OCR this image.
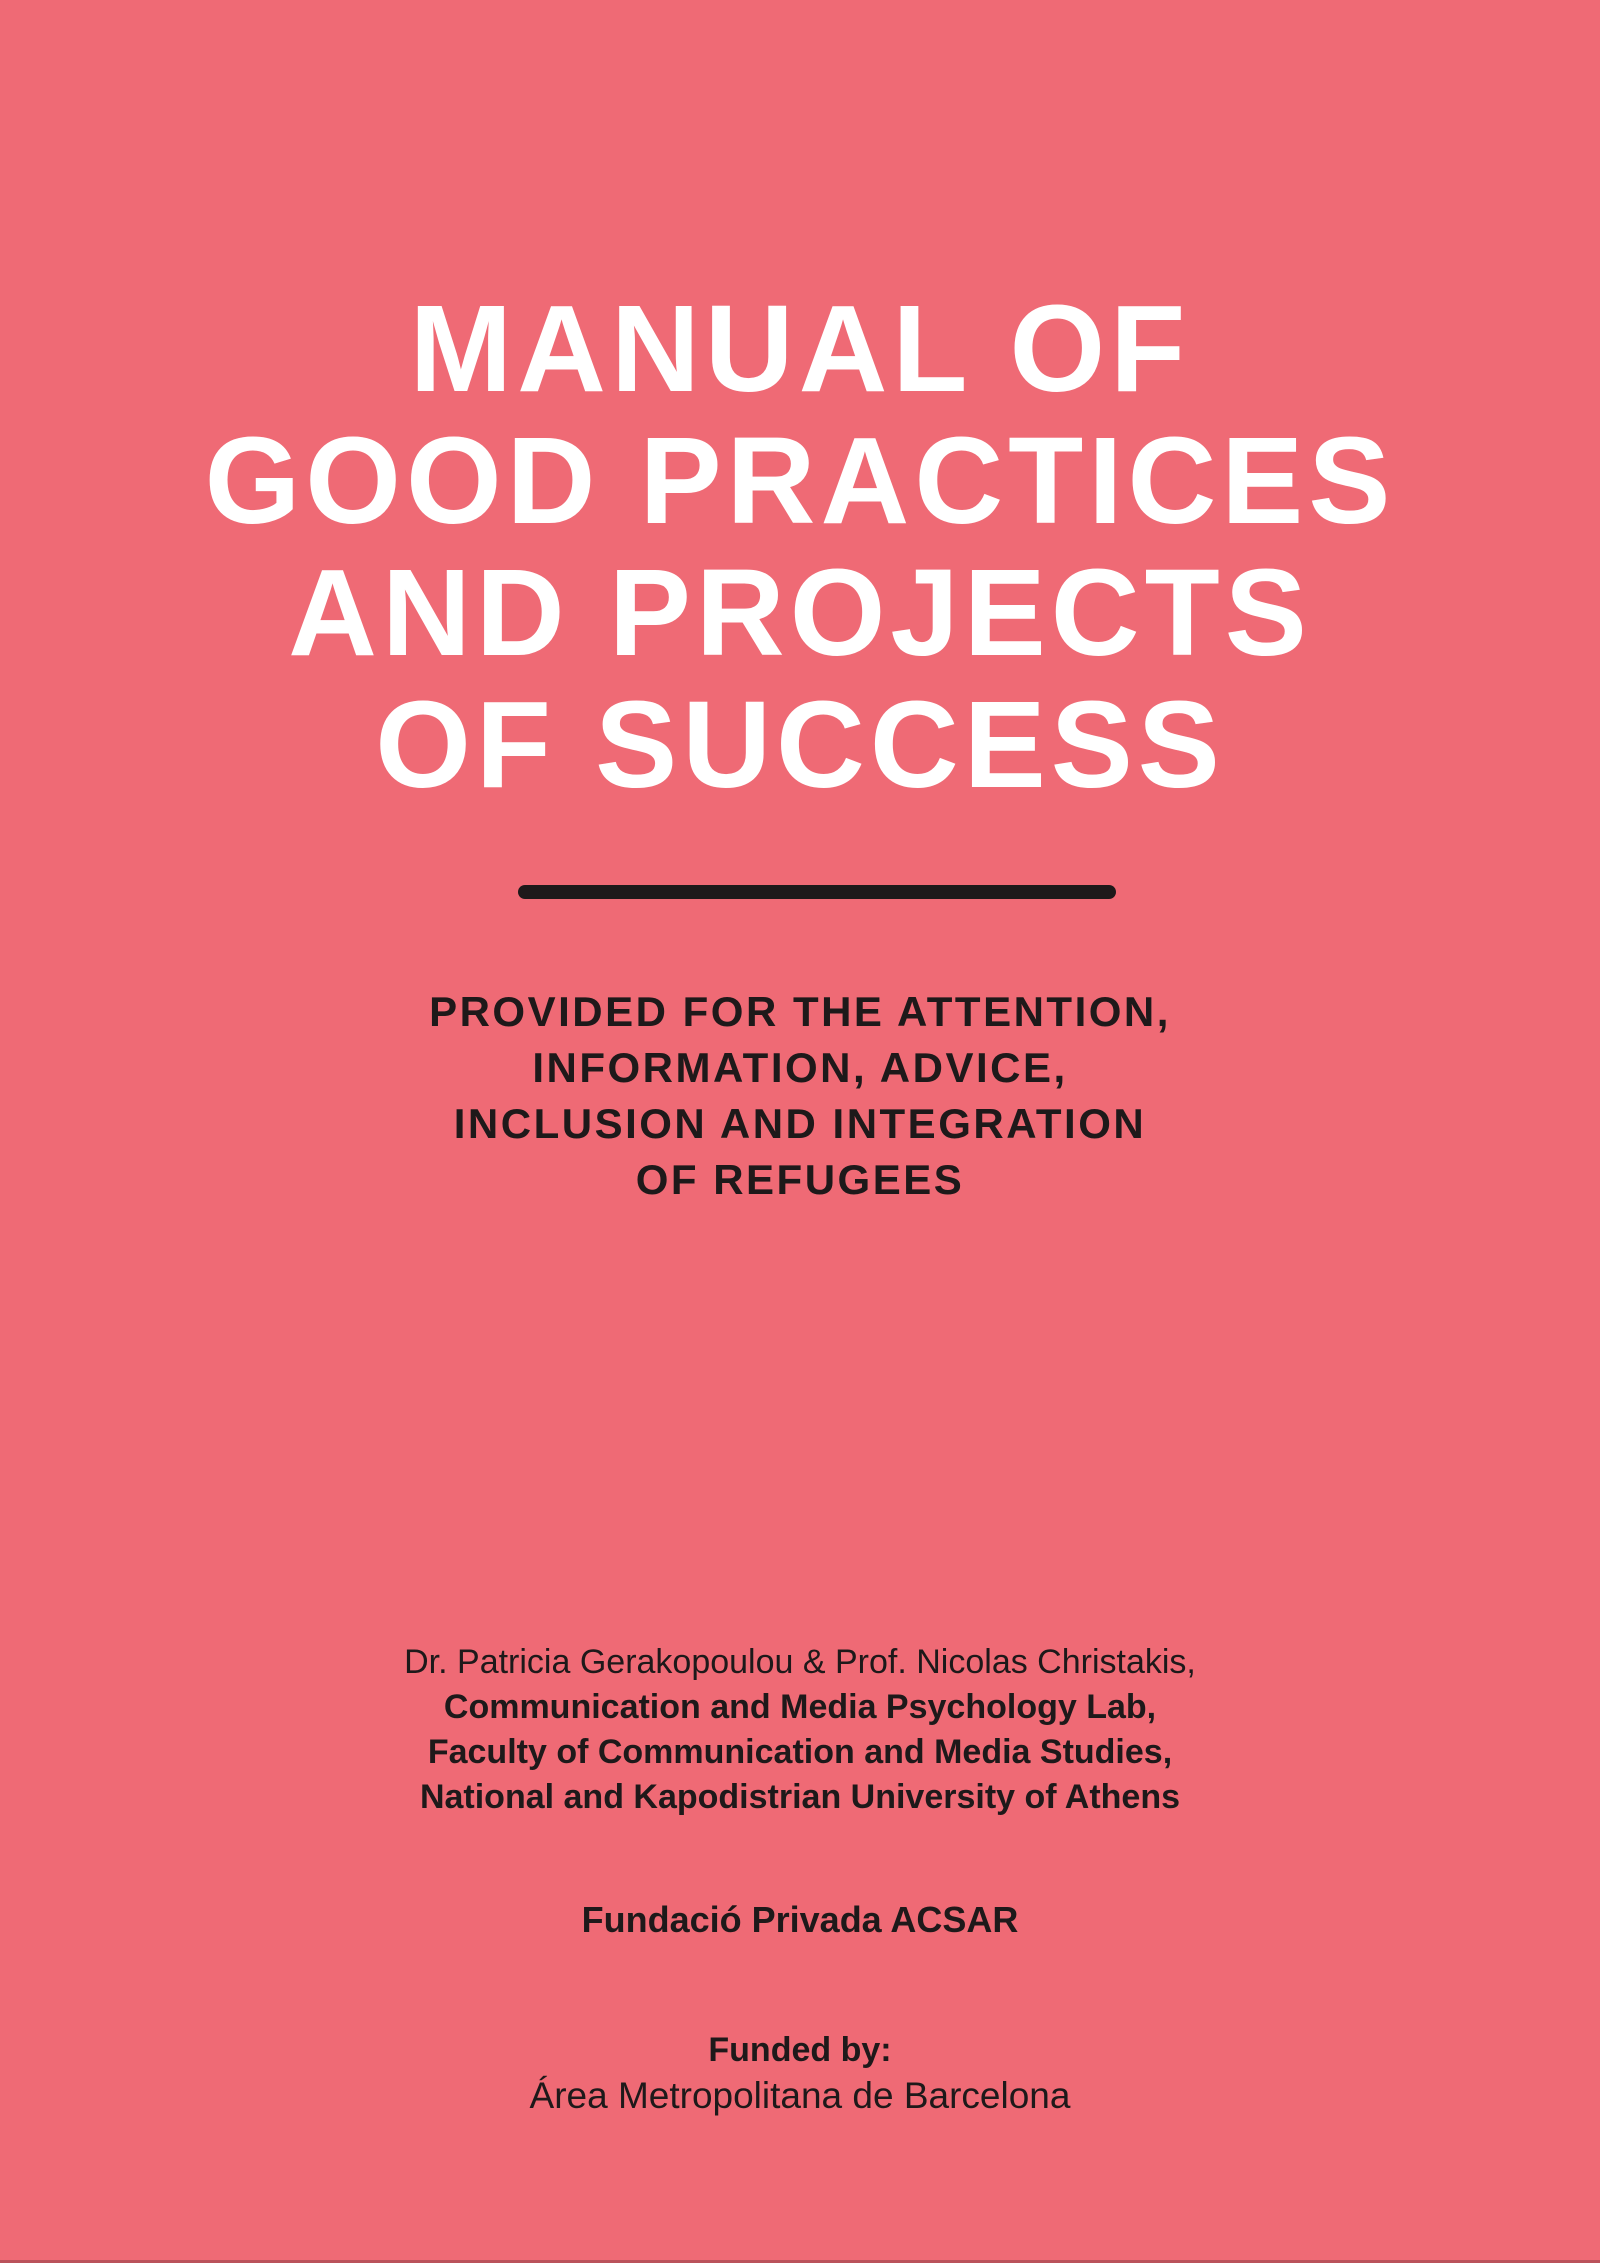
MANUAL OF
GOOD PRACTICES
AND PROJECTS
OF SUCCESS
PROVIDED FOR THE ATTENTION,
INFORMATION, ADVICE,
INCLUSION AND INTEGRATION
OF REFUGEES

Dr. Patricia Gerakopoulou & Prof. Nicolas Christakis,

Communication and Media Psychology Lab,

Faculty of Communication and Media Studies,

National and Kapodistrian University of Athens

Fundació Privada ACSAR

Funded by:

Área Metropolitana de Barcelona
